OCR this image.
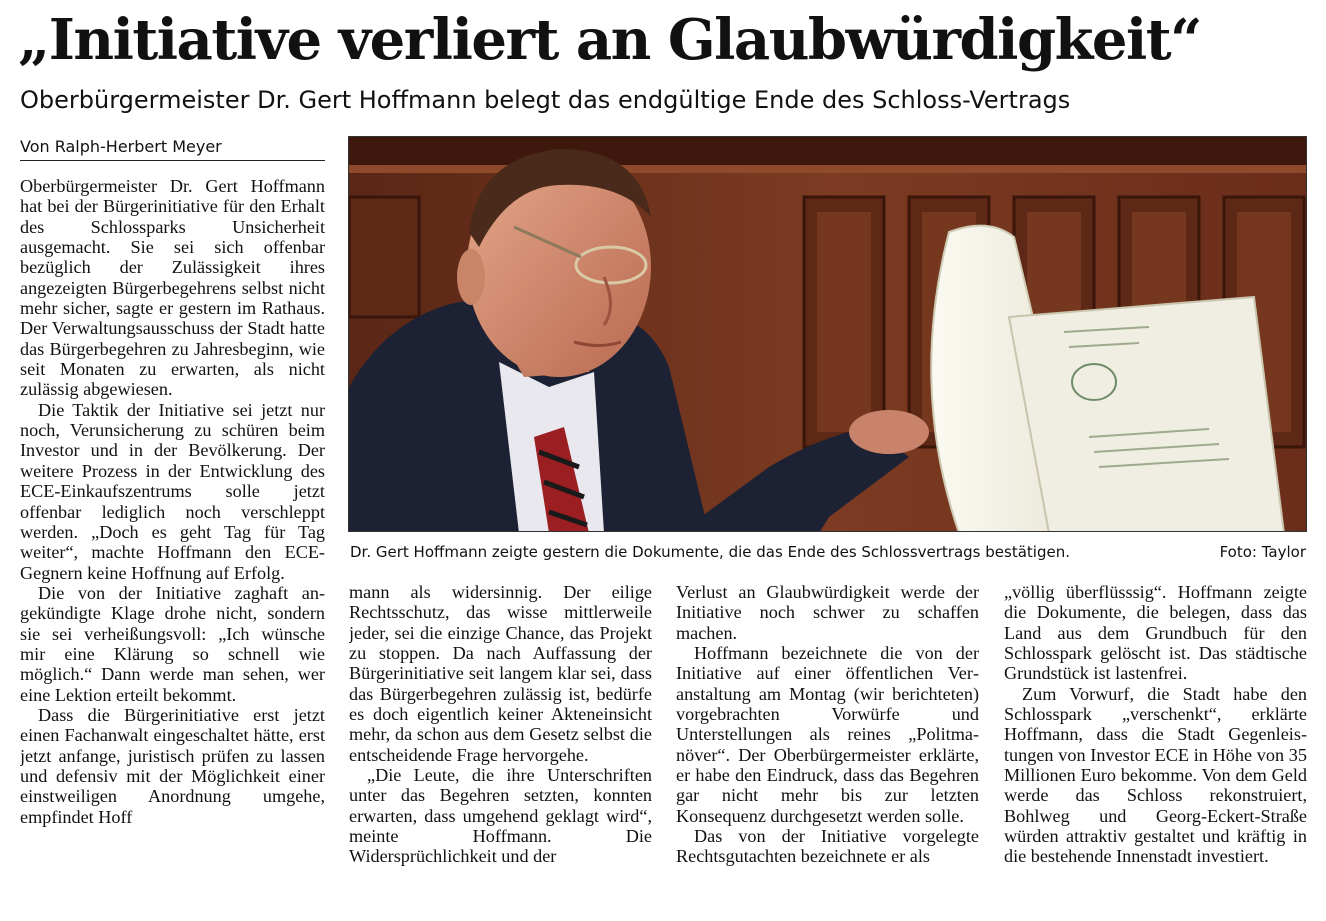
„Initiative verliert an Glaubwürdigkeit“
Oberbürgermeister Dr. Gert Hoffmann belegt das endgültige Ende des Schloss-Vertrags
Von Ralph-Herbert Meyer
Dr. Gert Hoffmann zeigte gestern die Dokumente, die das Ende des Schlossvertrags bestätigen.	Foto: Taylor

Oberbürgermeister Dr. Gert Hoffmann hat bei der Bürgerinitiative für den Erhalt des Schlossparks Unsicherheit ausgemacht. Sie sei sich offenbar bezüglich der Zulässigkeit ihres angezeigten Bürgerbegehrens selbst nicht mehr sicher, sagte er gestern im Rathaus. Der Verwaltungsausschuss der Stadt hatte das Bürgerbegehren zu Jahresbeginn, wie seit Monaten zu erwarten, als nicht zulässig abgewiesen.

Die Taktik der Initiative sei jetzt nur noch, Verunsicherung zu schüren beim Investor und in der Bevölkerung. Der weitere Prozess in der Entwicklung des ECE-Einkaufszentrums solle jetzt offenbar lediglich noch verschleppt werden. „Doch es geht Tag für Tag weiter“, machte Hoffmann den ECE-Gegnern keine Hoffnung auf Erfolg.

Die von der Initiative zaghaft angekündigte Klage drohe nicht, sondern sie sei verheißungsvoll: „Ich wünsche mir eine Klärung so schnell wie möglich.“ Dann werde man sehen, wer eine Lektion erteilt bekommt.

Dass die Bürgerinitiative erst jetzt einen Fachanwalt eingeschaltet hätte, erst jetzt anfange, juristisch prüfen zu lassen und defensiv mit der Möglichkeit einer einstweiligen Anordnung umgehe, empfindet Hoff

mann als widersinnig. Der eilige Rechtsschutz, das wisse mittlerweile jeder, sei die einzige Chance, das Projekt zu stoppen. Da nach Auffassung der Bürgerinitiative seit langem klar sei, dass das Bürgerbegehren zulässig ist, bedürfe es doch eigentlich keiner Akteneinsicht mehr, da schon aus dem Gesetz selbst die entscheidende Frage hervorgehe.

„Die Leute, die ihre Unterschriften unter das Begehren setzten, konnten erwarten, dass umgehend geklagt wird“, meinte Hoffmann. Die Widersprüchlichkeit und der

Verlust an Glaubwürdigkeit werde der Initiative noch schwer zu schaffen machen.

Hoffmann bezeichnete die von der Initiative auf einer öffentlichen Veranstaltung am Montag (wir berichteten) vorgebrachten Vorwürfe und Unterstellungen als reines „Politmanöver“. Der Oberbürgermeister erklärte, er habe den Eindruck, dass das Begehren gar nicht mehr bis zur letzten Konsequenz durchgesetzt werden solle.

Das von der Initiative vorgelegte Rechtsgutachten bezeichnete er als

„völlig überflüsssig“. Hoffmann zeigte die Dokumente, die belegen, dass das Land aus dem Grundbuch für den Schlosspark gelöscht ist. Das städtische Grundstück ist lastenfrei.

Zum Vorwurf, die Stadt habe den Schlosspark „verschenkt“, erklärte Hoffmann, dass die Stadt Gegenleistungen von Investor ECE in Höhe von 35 Millionen Euro bekomme. Von dem Geld werde das Schloss rekonstruiert, Bohlweg und Georg-Eckert-Straße würden attraktiv gestaltet und kräftig in die bestehende Innenstadt investiert.
